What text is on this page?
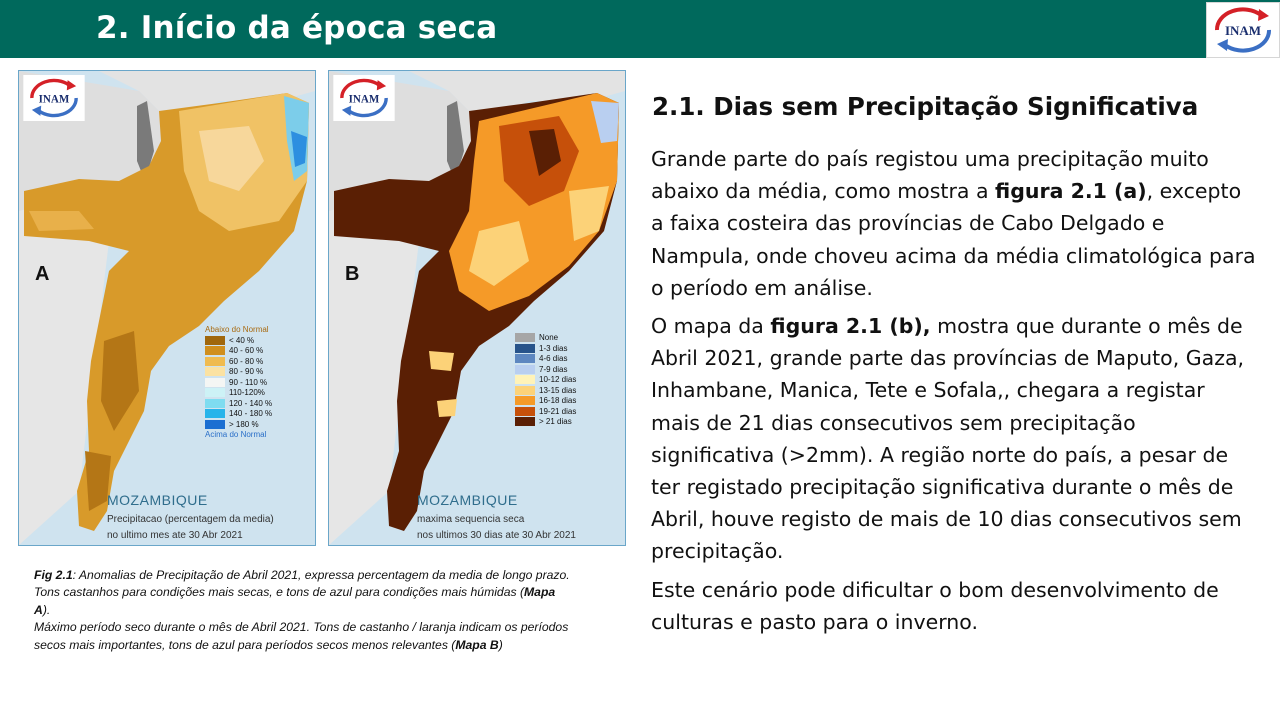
2. Início da época seca	INAM
INAM
A
Abaixo do Normal
< 40 %
40 - 60 %
60 - 80 %
80 - 90 %
90 - 110 %
110-120%
120 - 140 %
140 - 180 %
> 180 %
Acima do Normal
MOZAMBIQUE
Precipitacao (percentagem da media)
no ultimo mes ate 30 Abr 2021
INAM
B
None
1-3 dias
4-6 dias
7-9 dias
10-12 dias
13-15 dias
16-18 dias
19-21 dias
> 21 dias
MOZAMBIQUE
maxima sequencia seca
nos ultimos 30 dias ate 30 Abr 2021

Fig 2.1: Anomalias de Precipitação de Abril 2021, expressa percentagem da media de longo prazo. Tons castanhos para condições mais secas, e tons de azul para condições mais húmidas (Mapa A).

Máximo período seco durante o mês de Abril 2021. Tons de castanho / laranja indicam os períodos secos mais importantes, tons de azul para períodos secos menos relevantes (Mapa B)

2.1. Dias sem Precipitação Significativa

Grande parte do país registou uma precipitação muito abaixo da média, como mostra a figura 2.1 (a), excepto a faixa costeira das províncias de Cabo Delgado e Nampula, onde choveu acima da média climatológica para o período em análise.

O mapa da figura 2.1 (b), mostra que durante o mês de Abril 2021, grande parte das províncias de Maputo, Gaza, Inhambane, Manica, Tete e Sofala,, chegara a registar mais de 21 dias consecutivos sem precipitação significativa (>2mm). A região norte do país, a pesar de ter registado precipitação significativa durante o mês de Abril, houve registo de mais de 10 dias consecutivos sem precipitação.

Este cenário pode dificultar o bom desenvolvimento de culturas e pasto para o inverno.
